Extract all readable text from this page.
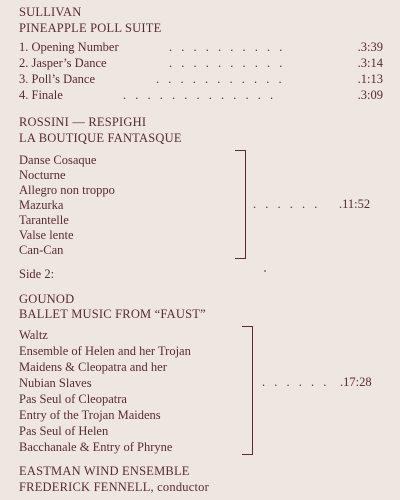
SULLIVAN
PINEAPPLE POLL SUITE
1. Opening Number	. . . . . . . . . .	.3:39
2. Jasper’s Dance	. . . . . . . . . .	.3:14
3. Poll’s Dance	. . . . . . . . . . .	.1:13
4. Finale	. . . . . . . . . . . . .	.3:09
ROSSINI — RESPIGHI
LA BOUTIQUE FANTASQUE
Danse Cosaque
Nocturne
Allegro non troppo
Mazurka
Tarantelle
Valse lente
Can-Can
. . . . . . .11:52
Side 2:
GOUNOD
BALLET MUSIC FROM “FAUST”
Waltz
Ensemble of Helen and her Trojan
Maidens & Cleopatra and her
Nubian Slaves
Pas Seul of Cleopatra
Entry of the Trojan Maidens
Pas Seul of Helen
Bacchanale & Entry of Phryne
. . . . . . .17:28
EASTMAN WIND ENSEMBLE
FREDERICK FENNELL, conductor
